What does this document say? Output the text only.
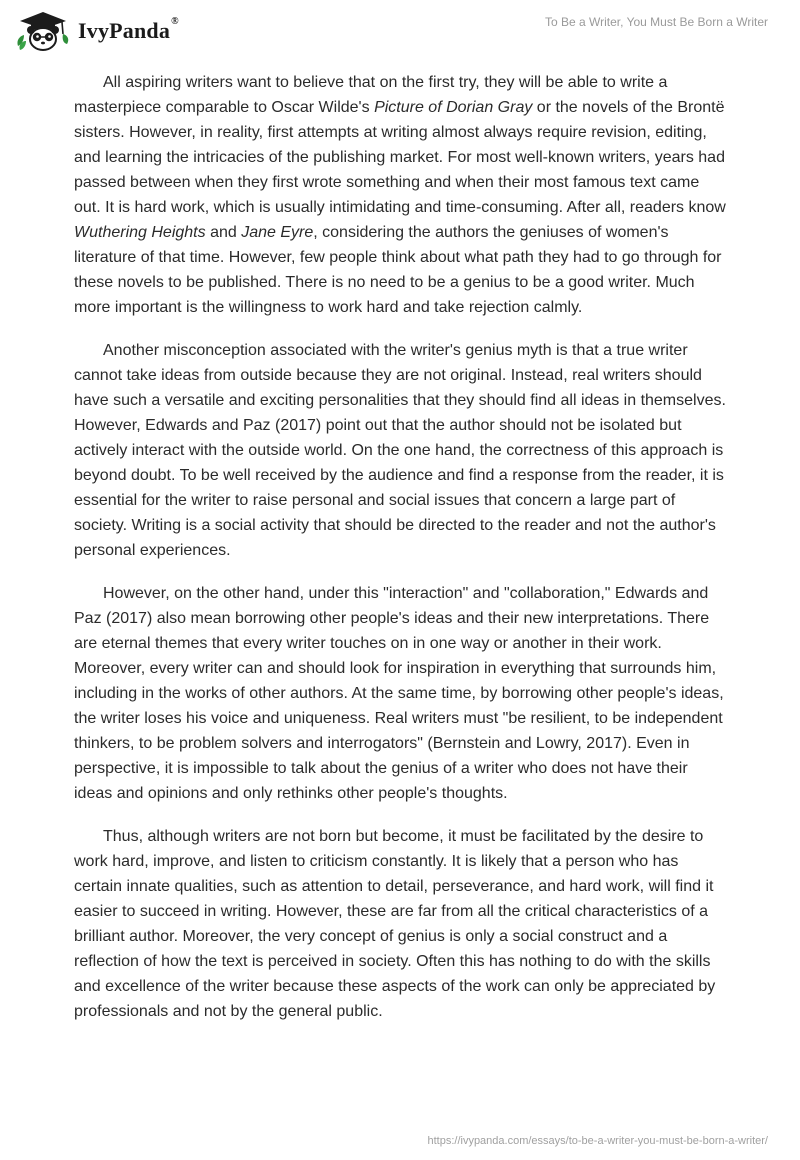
IvyPanda®	To Be a Writer, You Must Be Born a Writer

All aspiring writers want to believe that on the first try, they will be able to write a masterpiece comparable to Oscar Wilde's Picture of Dorian Gray or the novels of the Brontë sisters. However, in reality, first attempts at writing almost always require revision, editing, and learning the intricacies of the publishing market. For most well-known writers, years had passed between when they first wrote something and when their most famous text came out. It is hard work, which is usually intimidating and time-consuming. After all, readers know Wuthering Heights and Jane Eyre, considering the authors the geniuses of women's literature of that time. However, few people think about what path they had to go through for these novels to be published. There is no need to be a genius to be a good writer. Much more important is the willingness to work hard and take rejection calmly.

Another misconception associated with the writer's genius myth is that a true writer cannot take ideas from outside because they are not original. Instead, real writers should have such a versatile and exciting personalities that they should find all ideas in themselves. However, Edwards and Paz (2017) point out that the author should not be isolated but actively interact with the outside world. On the one hand, the correctness of this approach is beyond doubt. To be well received by the audience and find a response from the reader, it is essential for the writer to raise personal and social issues that concern a large part of society. Writing is a social activity that should be directed to the reader and not the author's personal experiences.

However, on the other hand, under this "interaction" and "collaboration," Edwards and Paz (2017) also mean borrowing other people's ideas and their new interpretations. There are eternal themes that every writer touches on in one way or another in their work. Moreover, every writer can and should look for inspiration in everything that surrounds him, including in the works of other authors. At the same time, by borrowing other people's ideas, the writer loses his voice and uniqueness. Real writers must "be resilient, to be independent thinkers, to be problem solvers and interrogators" (Bernstein and Lowry, 2017). Even in perspective, it is impossible to talk about the genius of a writer who does not have their ideas and opinions and only rethinks other people's thoughts.

Thus, although writers are not born but become, it must be facilitated by the desire to work hard, improve, and listen to criticism constantly. It is likely that a person who has certain innate qualities, such as attention to detail, perseverance, and hard work, will find it easier to succeed in writing. However, these are far from all the critical characteristics of a brilliant author. Moreover, the very concept of genius is only a social construct and a reflection of how the text is perceived in society. Often this has nothing to do with the skills and excellence of the writer because these aspects of the work can only be appreciated by professionals and not by the general public.

https://ivypanda.com/essays/to-be-a-writer-you-must-be-born-a-writer/
